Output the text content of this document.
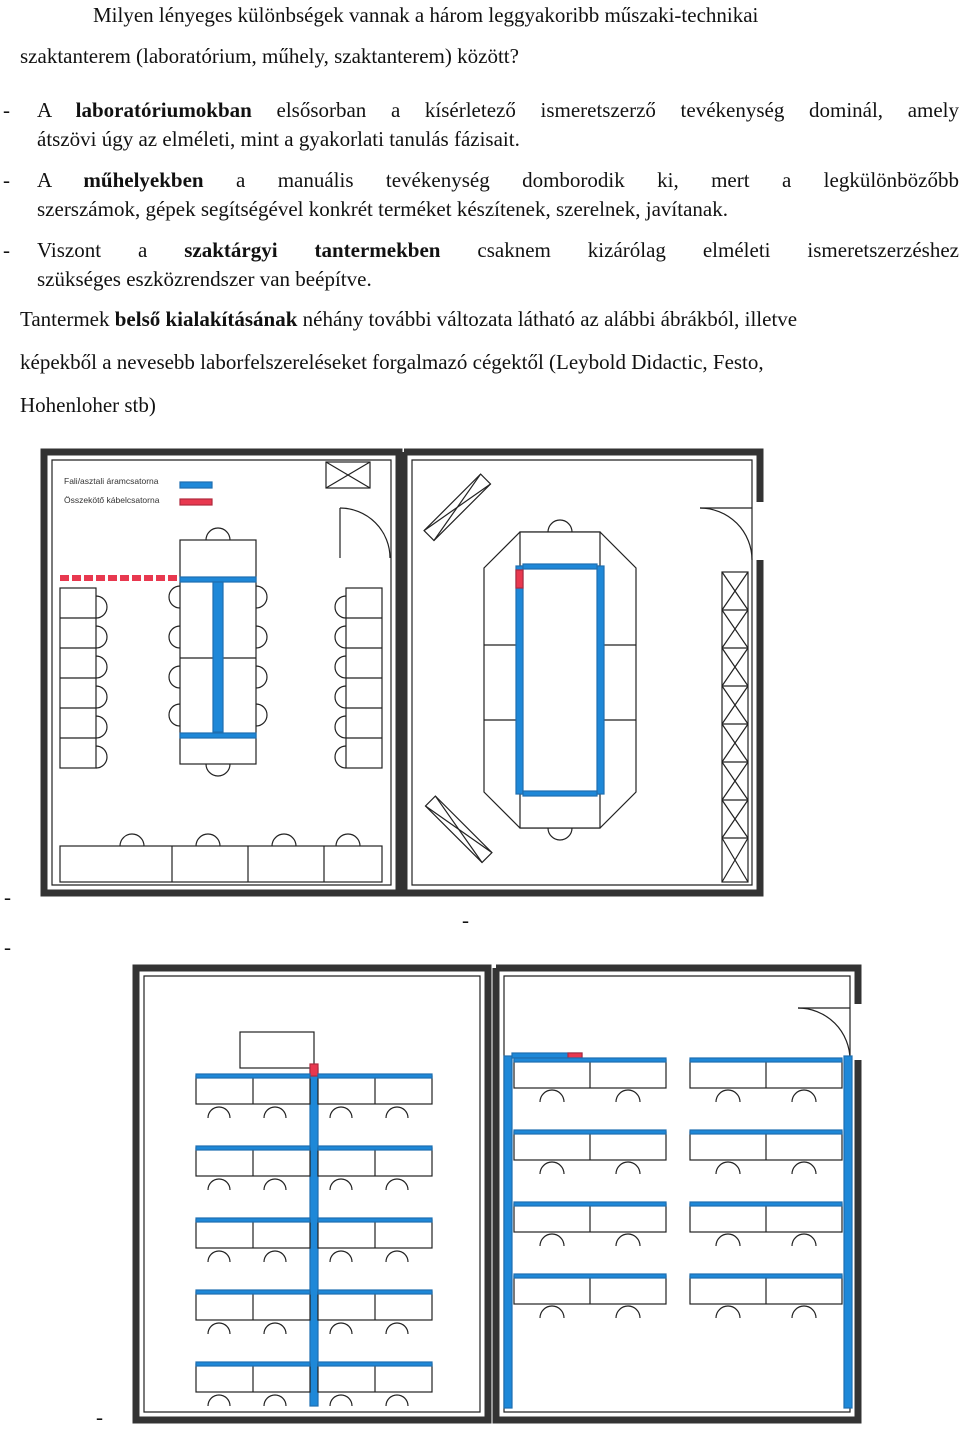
Milyen lényeges különbségek vannak a három leggyakoribb műszaki-technikai
szaktanterem (laboratórium, műhely, szaktanterem) között?
- A laboratóriumokban elsősorban a kísérletező ismeretszerző tevékenység dominál, amely
átszövi úgy az elméleti, mint a gyakorlati tanulás fázisait.
- A műhelyekben a manuális tevékenység domborodik ki, mert a legkülönbözőbb
szerszámok, gépek segítségével konkrét terméket készítenek, szerelnek, javítanak.
- Viszont a szaktárgyi tantermekben csaknem kizárólag elméleti ismeretszerzéshez
szükséges eszközrendszer van beépítve.
Tantermek belső kialakításának néhány további változata látható az alábbi ábrákból, illetve
képekből a nevesebb laborfelszereléseket forgalmazó cégektől (Leybold Didactic, Festo,
Hohenloher stb)
-
-
-
-
Fali/asztali áramcsatorna
Összekötő kábelcsatorna
